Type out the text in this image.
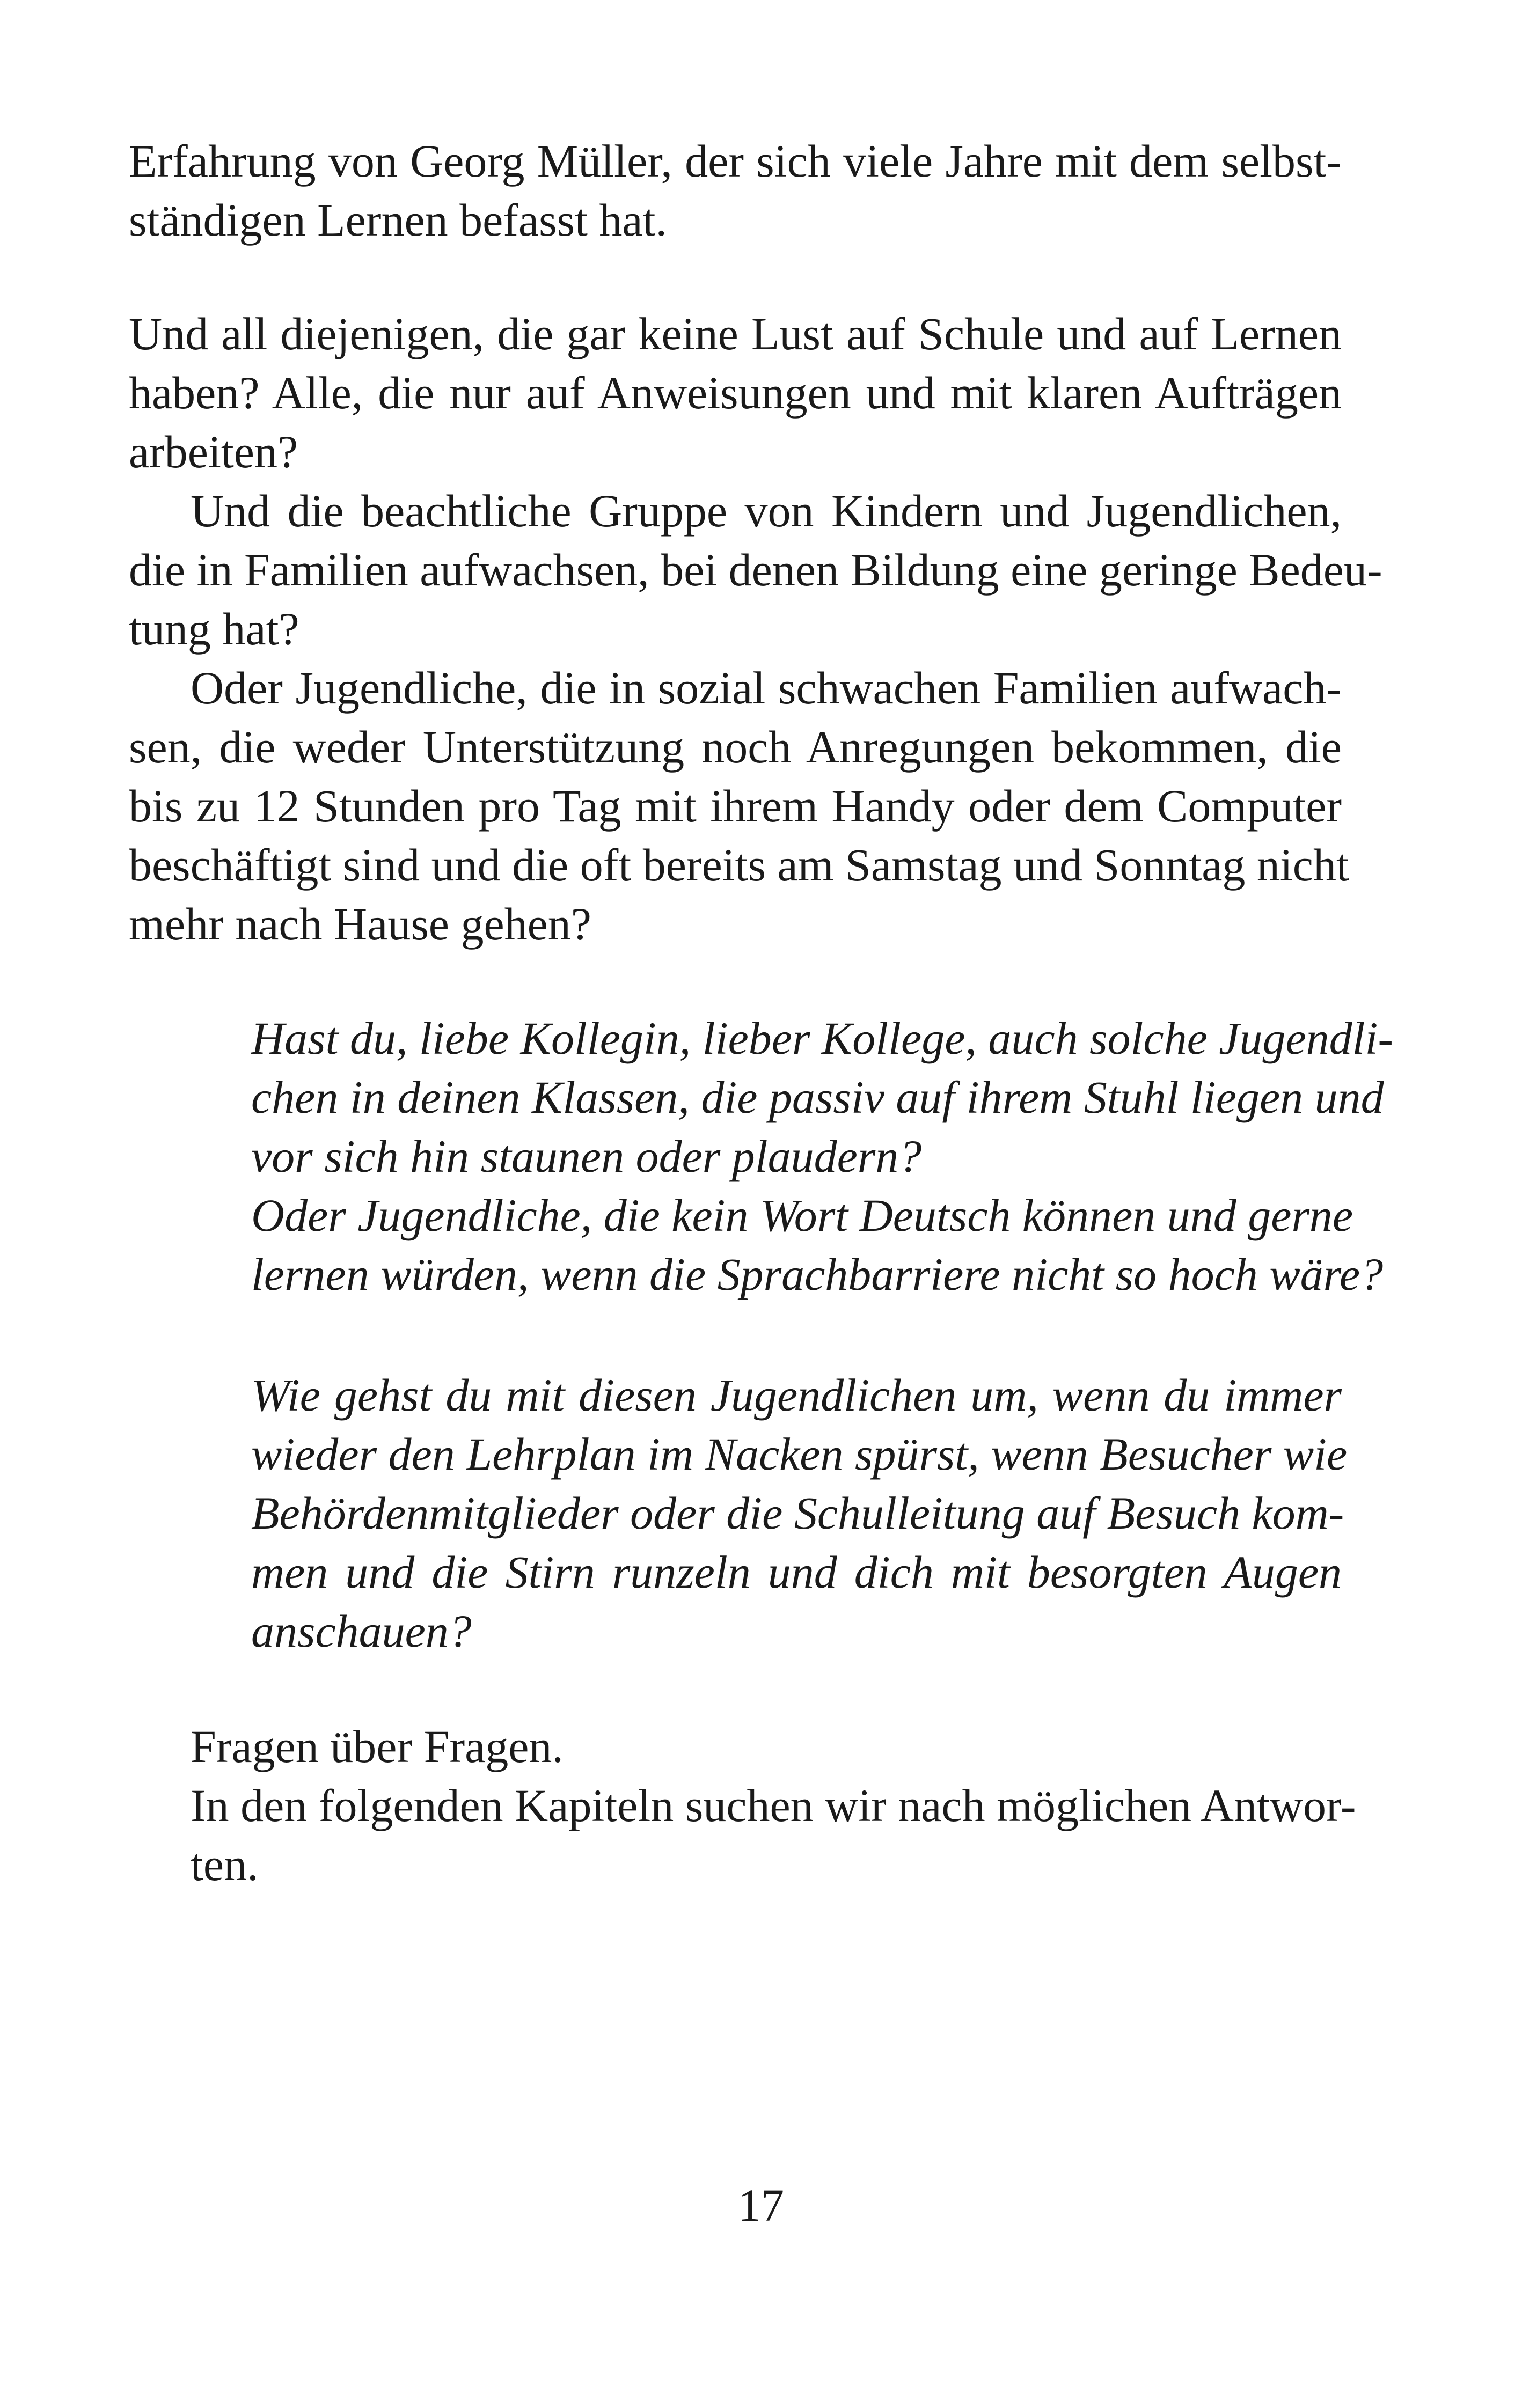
Erfahrung von Georg Müller, der sich viele Jahre mit dem selbst-
ständigen Lernen befasst hat.
Und all diejenigen, die gar keine Lust auf Schule und auf Lernen
haben? Alle, die nur auf Anweisungen und mit klaren Aufträgen
arbeiten?
Und die beachtliche Gruppe von Kindern und Jugendlichen,
die in Familien aufwachsen, bei denen Bildung eine geringe Bedeu-
tung hat?
Oder Jugendliche, die in sozial schwachen Familien aufwach-
sen, die weder Unterstützung noch Anregungen bekommen, die
bis zu 12 Stunden pro Tag mit ihrem Handy oder dem Computer
beschäftigt sind und die oft bereits am Samstag und Sonntag nicht
mehr nach Hause gehen?
Hast du, liebe Kollegin, lieber Kollege, auch solche Jugendli-
chen in deinen Klassen, die passiv auf ihrem Stuhl liegen und
vor sich hin staunen oder plaudern?
Oder Jugendliche, die kein Wort Deutsch können und gerne
lernen würden, wenn die Sprachbarriere nicht so hoch wäre?
Wie gehst du mit diesen Jugendlichen um, wenn du immer
wieder den Lehrplan im Nacken spürst, wenn Besucher wie
Behördenmitglieder oder die Schulleitung auf Besuch kom-
men und die Stirn runzeln und dich mit besorgten Augen
anschauen?
Fragen über Fragen.
In den folgenden Kapiteln suchen wir nach möglichen Antwor-
ten.
17
